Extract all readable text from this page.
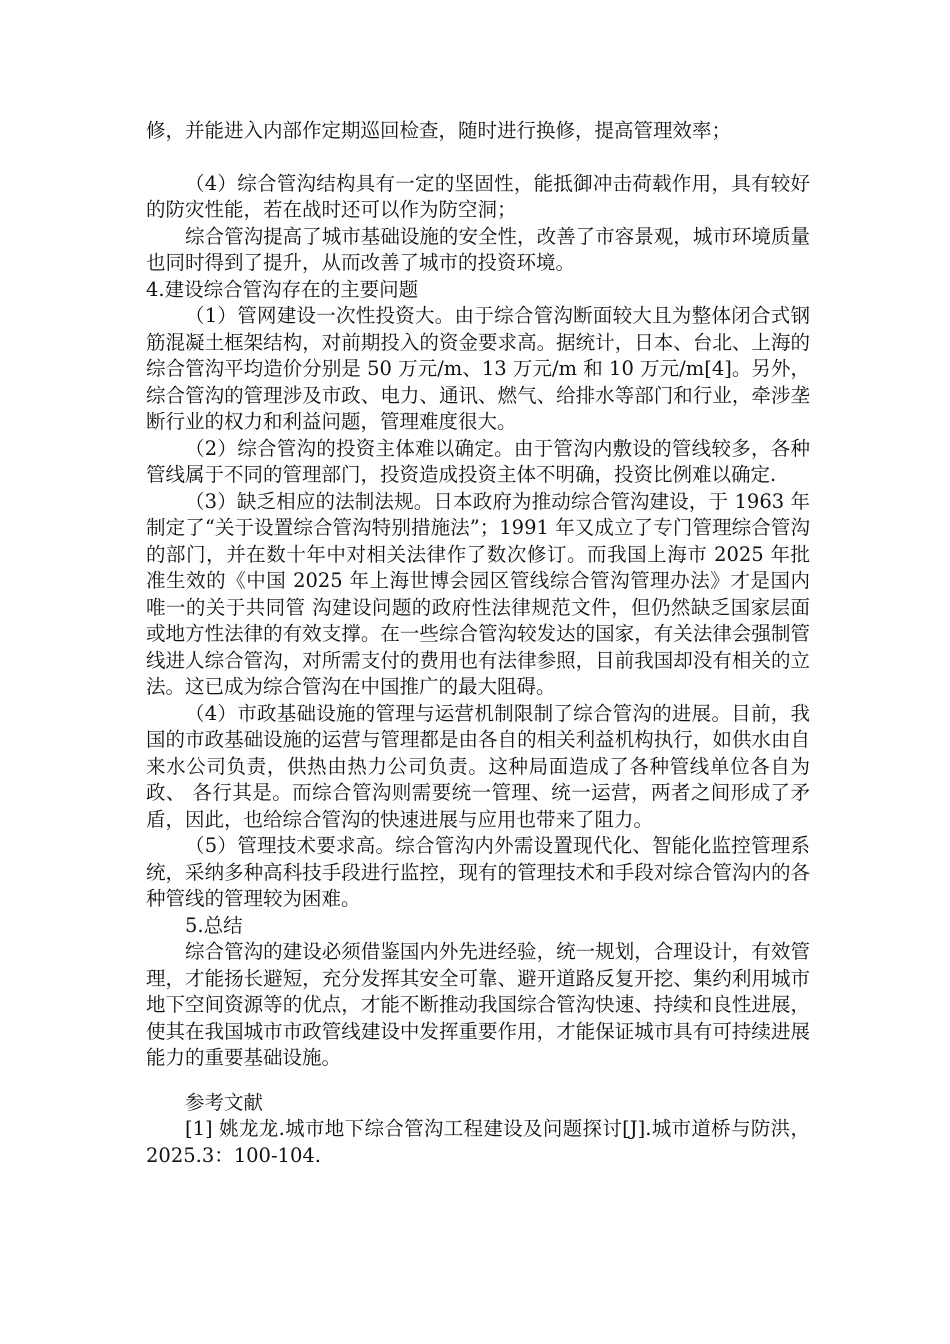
修，并能进入内部作定期巡回检查，随时进行换修，提高管理效率；

（4）综合管沟结构具有一定的坚固性，能抵御冲击荷载作用，具有较好的防灾性能，若在战时还可以作为防空洞；

综合管沟提高了城市基础设施的安全性，改善了市容景观，城市环境质量也同时得到了提升，从而改善了城市的投资环境。

4.建设综合管沟存在的主要问题

（1）管网建设一次性投资大。由于综合管沟断面较大且为整体闭合式钢筋混凝土框架结构，对前期投入的资金要求高。据统计，日本、台北、上海的综合管沟平均造价分别是 50 万元/m、13 万元/m 和 10 万元/m[4]。另外，综合管沟的管理涉及市政、电力、通讯、燃气、给排水等部门和行业，牵涉垄断行业的权力和利益问题，管理难度很大。

（2）综合管沟的投资主体难以确定。由于管沟内敷设的管线较多，各种管线属于不同的管理部门，投资造成投资主体不明确，投资比例难以确定.

（3）缺乏相应的法制法规。日本政府为推动综合管沟建设，于 1963 年制定了“关于设置综合管沟特别措施法”；1991 年又成立了专门管理综合管沟的部门，并在数十年中对相关法律作了数次修订。而我国上海市 2025 年批准生效的《中国 2025 年上海世博会园区管线综合管沟管理办法》才是国内唯一的关于共同管 沟建设问题的政府性法律规范文件，但仍然缺乏国家层面或地方性法律的有效支撑。在一些综合管沟较发达的国家，有关法律会强制管线进人综合管沟，对所需支付的费用也有法律参照，目前我国却没有相关的立法。这已成为综合管沟在中国推广的最大阻碍。

（4）市政基础设施的管理与运营机制限制了综合管沟的进展。目前，我国的市政基础设施的运营与管理都是由各自的相关利益机构执行，如供水由自来水公司负责，供热由热力公司负责。这种局面造成了各种管线单位各自为政、 各行其是。而综合管沟则需要统一管理、统一运营，两者之间形成了矛盾，因此，也给综合管沟的快速进展与应用也带来了阻力。

（5）管理技术要求高。综合管沟内外需设置现代化、智能化监控管理系统，采纳多种高科技手段进行监控，现有的管理技术和手段对综合管沟内的各种管线的管理较为困难。

5.总结

综合管沟的建设必须借鉴国内外先进经验，统一规划，合理设计，有效管理，才能扬长避短，充分发挥其安全可靠、避开道路反复开挖、集约利用城市地下空间资源等的优点，才能不断推动我国综合管沟快速、持续和良性进展，使其在我国城市市政管线建设中发挥重要作用，才能保证城市具有可持续进展能力的重要基础设施。

参考文献

[1] 姚龙龙.城市地下综合管沟工程建设及问题探讨[J].城市道桥与防洪，2025.3：100-104.
